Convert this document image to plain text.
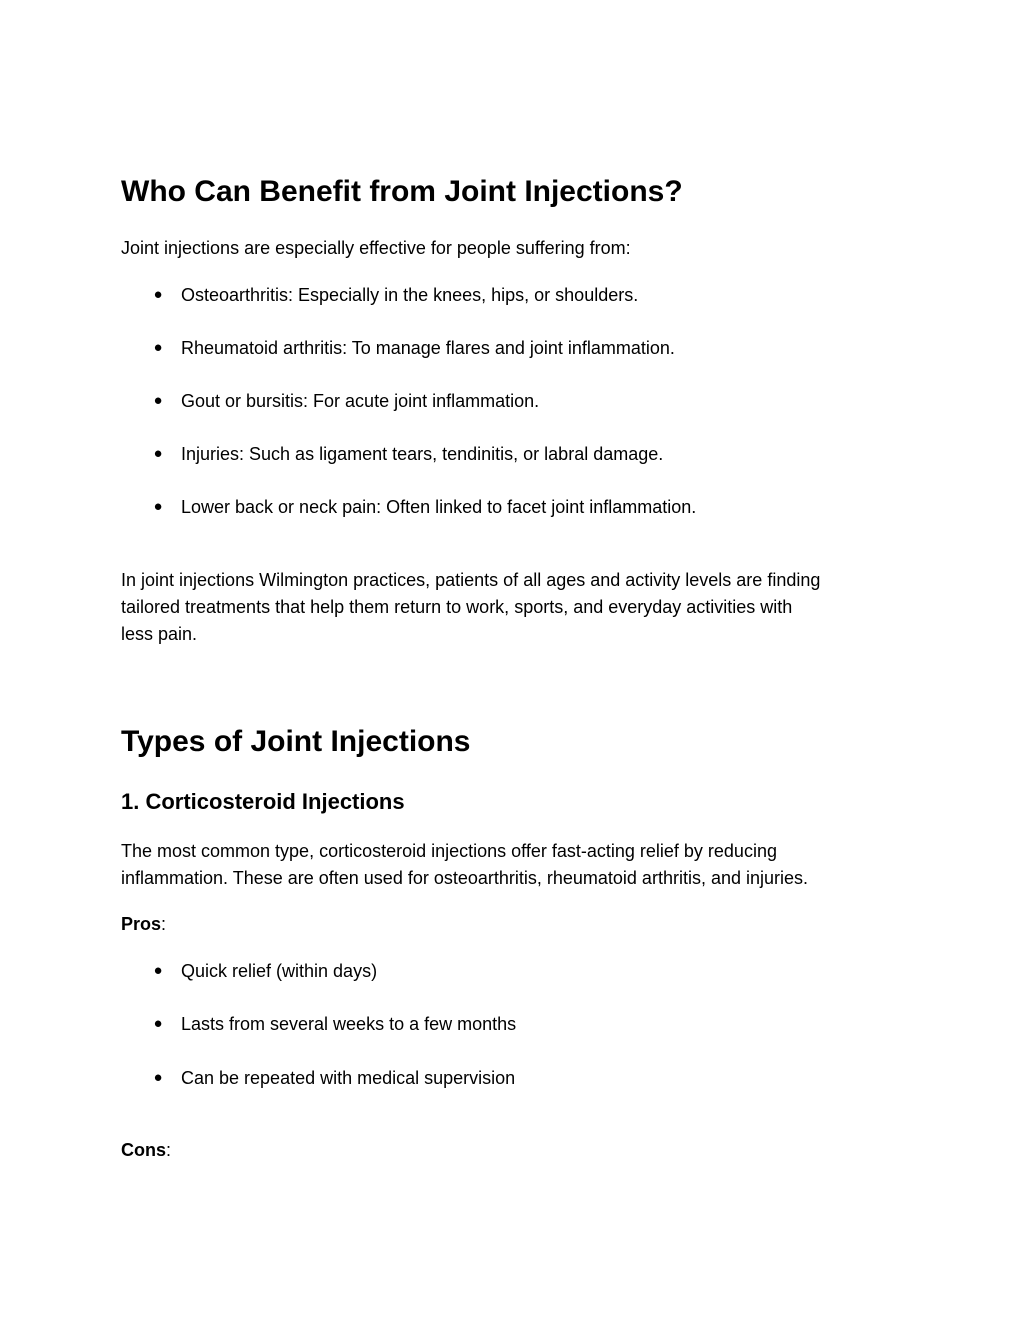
Who Can Benefit from Joint Injections?
Joint injections are especially effective for people suffering from:
● Osteoarthritis: Especially in the knees, hips, or shoulders.
● Rheumatoid arthritis: To manage flares and joint inflammation.
● Gout or bursitis: For acute joint inflammation.
● Injuries: Such as ligament tears, tendinitis, or labral damage.
● Lower back or neck pain: Often linked to facet joint inflammation.
In joint injections Wilmington practices, patients of all ages and activity levels are finding
tailored treatments that help them return to work, sports, and everyday activities with
less pain.
Types of Joint Injections
1. Corticosteroid Injections
The most common type, corticosteroid injections offer fast-acting relief by reducing
inflammation. These are often used for osteoarthritis, rheumatoid arthritis, and injuries.
Pros:
● Quick relief (within days)
● Lasts from several weeks to a few months
● Can be repeated with medical supervision
Cons:
